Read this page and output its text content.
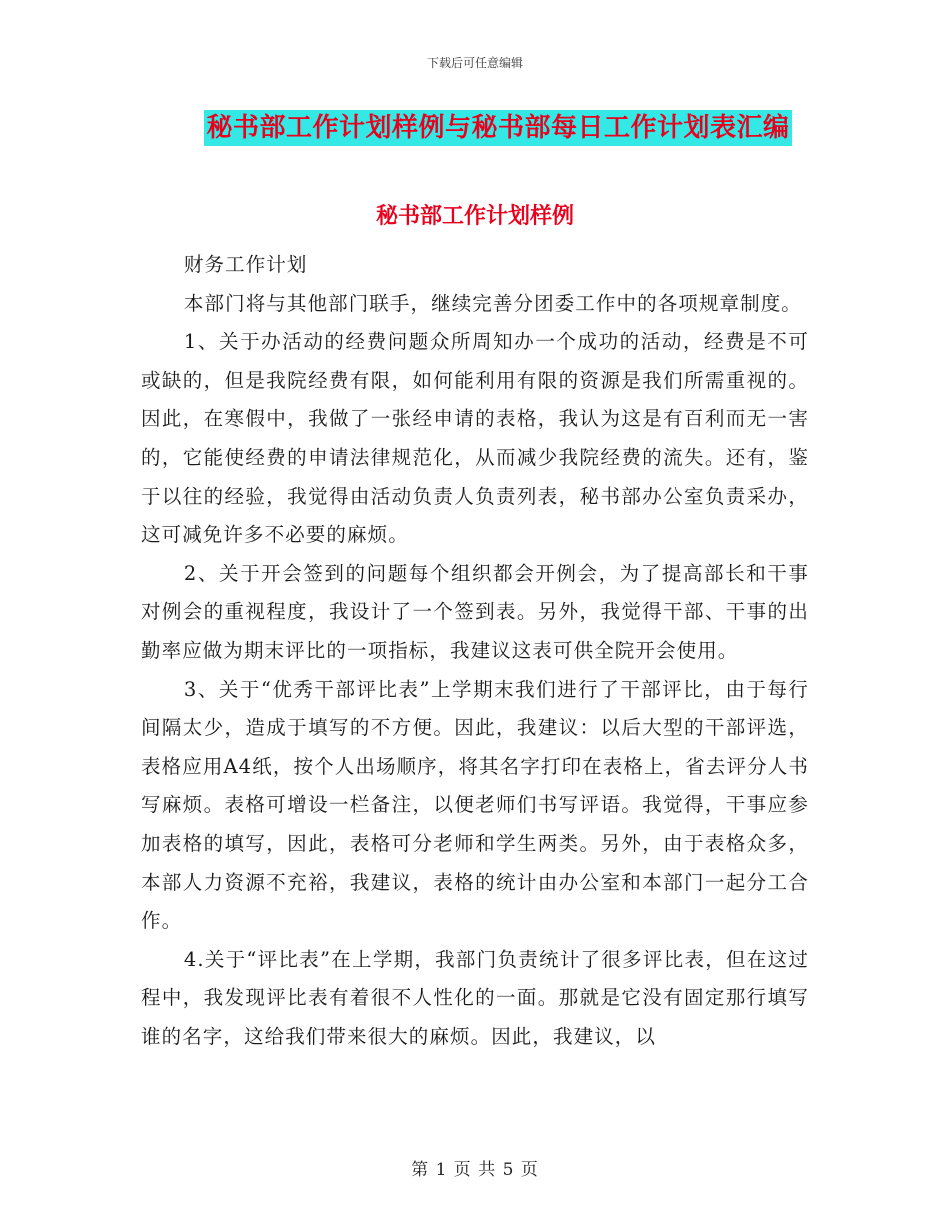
下载后可任意编辑
秘书部工作计划样例与秘书部每日工作计划表汇编
秘书部工作计划样例

财务工作计划

本部门将与其他部门联手，继续完善分团委工作中的各项规章制度。

1、关于办活动的经费问题众所周知办一个成功的活动，经费是不可或缺的，但是我院经费有限，如何能利用有限的资源是我们所需重视的。因此，在寒假中，我做了一张经申请的表格，我认为这是有百利而无一害的，它能使经费的申请法律规范化，从而减少我院经费的流失。还有，鉴于以往的经验，我觉得由活动负责人负责列表，秘书部办公室负责采办，这可减免许多不必要的麻烦。

2、关于开会签到的问题每个组织都会开例会，为了提高部长和干事对例会的重视程度，我设计了一个签到表。另外，我觉得干部、干事的出勤率应做为期末评比的一项指标，我建议这表可供全院开会使用。

3、关于“优秀干部评比表”上学期末我们进行了干部评比，由于每行间隔太少，造成于填写的不方便。因此，我建议：以后大型的干部评选，表格应用A4纸，按个人出场顺序，将其名字打印在表格上，省去评分人书写麻烦。表格可增设一栏备注，以便老师们书写评语。我觉得，干事应参加表格的填写，因此，表格可分老师和学生两类。另外，由于表格众多，本部人力资源不充裕，我建议，表格的统计由办公室和本部门一起分工合作。

4.关于“评比表”在上学期，我部门负责统计了很多评比表，但在这过程中，我发现评比表有着很不人性化的一面。那就是它没有固定那行填写谁的名字，这给我们带来很大的麻烦。因此，我建议，以

第 1 页 共 5 页
